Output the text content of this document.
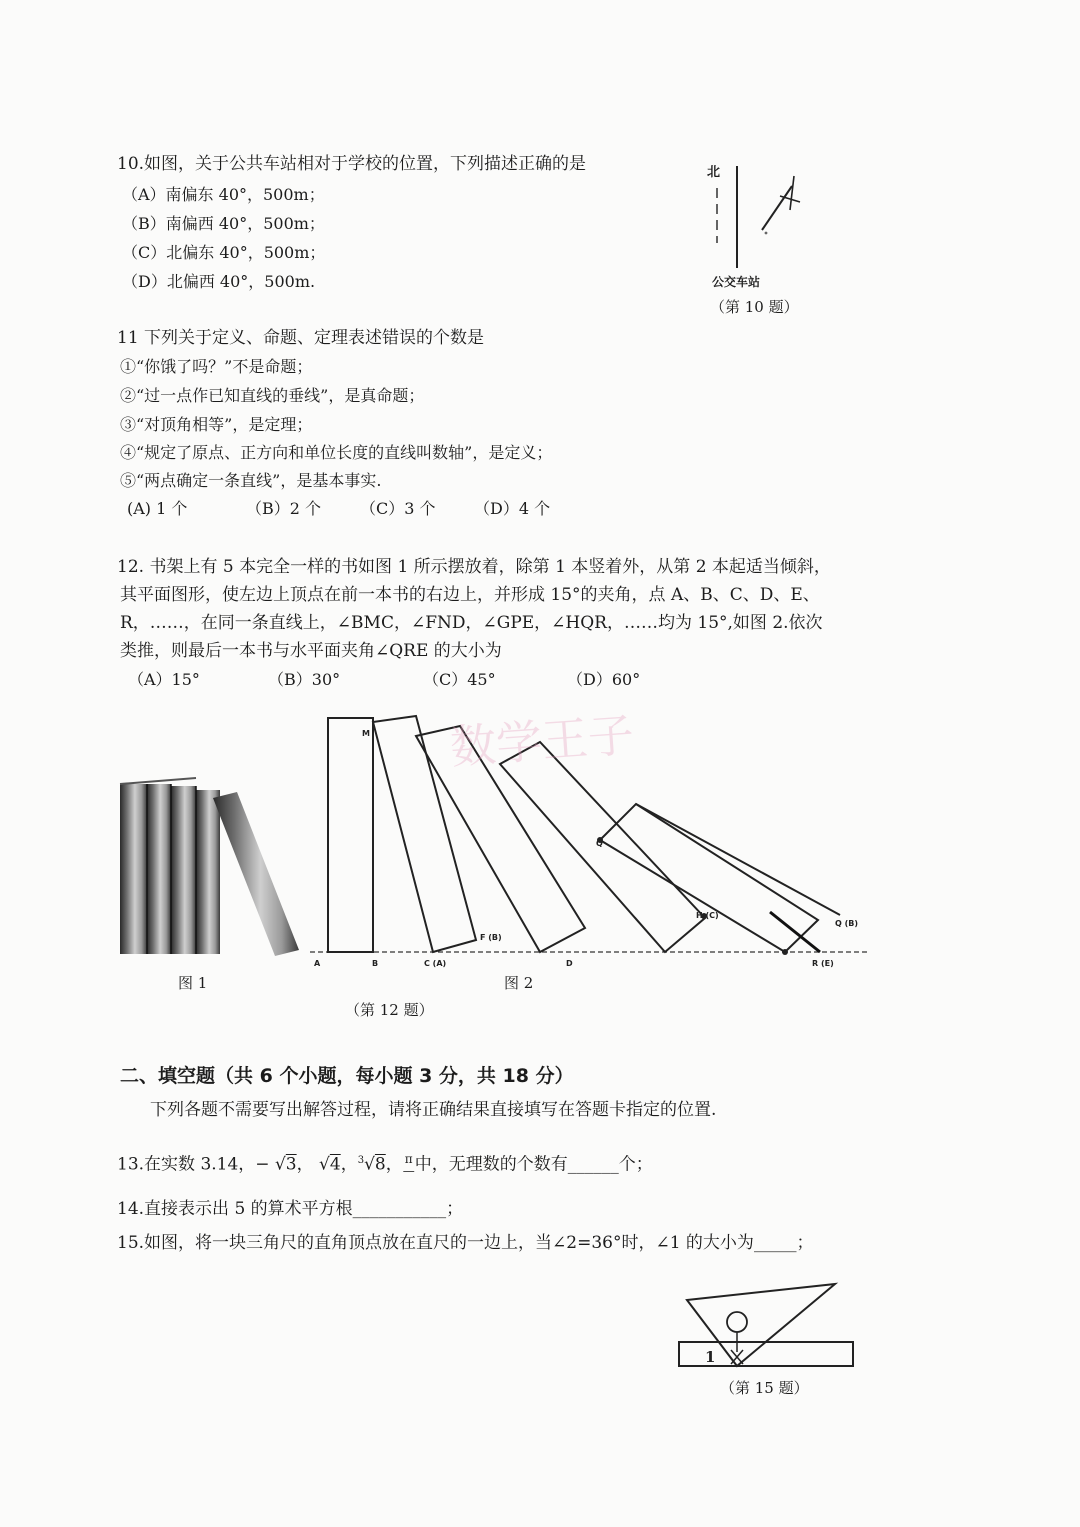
10.如图，关于公共车站相对于学校的位置，下列描述正确的是
（A）南偏东 40°，500m；
（B）南偏西 40°，500m；
（C）北偏东 40°，500m；
（D）北偏西 40°，500m.
北
公交车站
（第 10 题）
11 下列关于定义、命题、定理表述错误的个数是
①“你饿了吗？”不是命题；
②“过一点作已知直线的垂线”，是真命题；
③“对顶角相等”，是定理；
④“规定了原点、正方向和单位长度的直线叫数轴”，是定义；
⑤“两点确定一条直线”，是基本事实.
(A) 1 个	（B）2 个 （C）3 个 （D）4 个
12. 书架上有 5 本完全一样的书如图 1 所示摆放着，除第 1 本竖着外，从第 2 本起适当倾斜，
其平面图形，使左边上顶点在前一本书的右边上，并形成 15°的夹角，点 A、B、C、D、E、
R，……，在同一条直线上，∠BMC，∠FND，∠GPE，∠HQR，……均为 15°,如图 2.依次
类推，则最后一本书与水平面夹角∠QRE 的大小为
（A）15°	（B）30°	（C）45°	（D）60°
图 1
A	B	C (A)
F (B)
D
M
Q
H (C)
R (E)
Q (B)
数学王子
图 2
（第 12 题）
二、填空题（共 6 个小题，每小题 3 分，共 18 分）
下列各题不需要写出解答过程，请将正确结果直接填写在答题卡指定的位置.
13.在实数 3.14，− √3， √4，$^3$√8， π
—中，无理数的个数有______个；
14.直接表示出 5 的算术平方根___________；
15.如图，将一块三角尺的直角顶点放在直尺的一边上，当∠2=36°时，∠1 的大小为_____；
1
（第 15 题）
